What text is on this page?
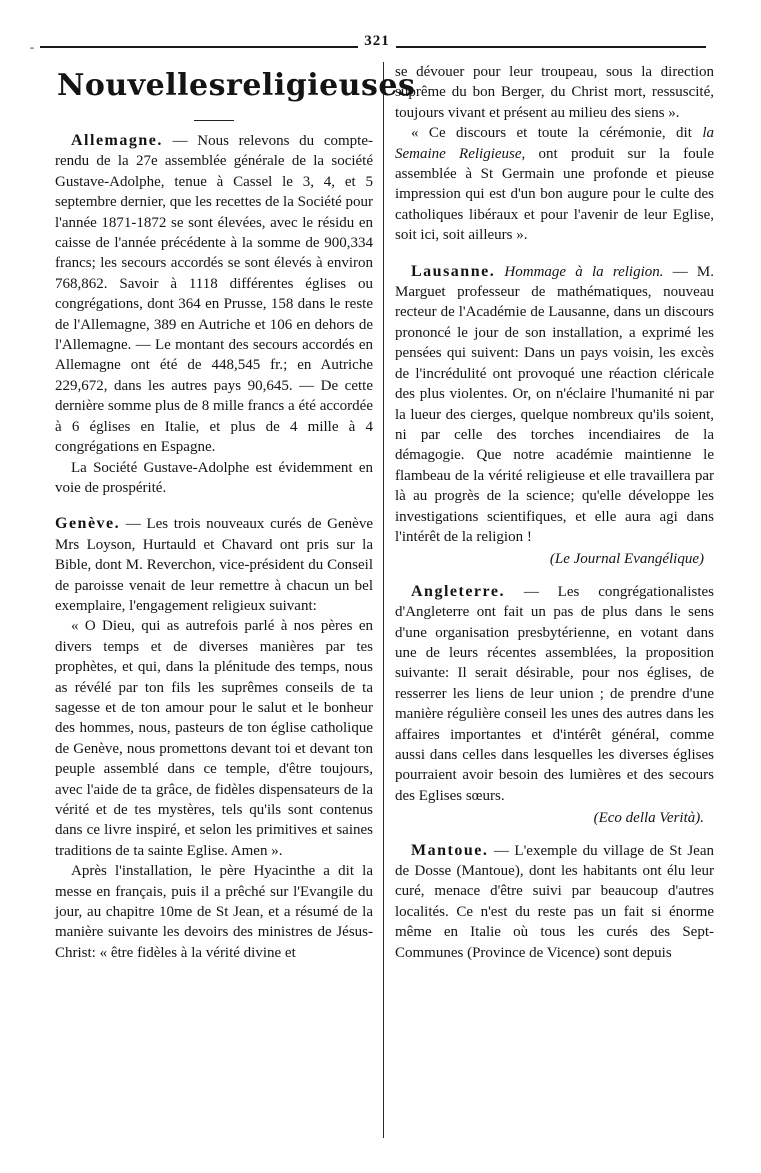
-	321
Nouvelles religieuses

Allemagne. — Nous relevons du compte-rendu de la 27e assemblée générale de la société Gustave-Adolphe, tenue à Cassel le 3, 4, et 5 septembre dernier, que les recettes de la Société pour l'année 1871-1872 se sont élevées, avec le résidu en caisse de l'année précédente à la somme de 900,334 francs; les secours accordés se sont élevés à environ 768,862. Savoir à 1118 différentes églises ou congrégations, dont 364 en Prusse, 158 dans le reste de l'Allemagne, 389 en Autriche et 106 en dehors de l'Allemagne. — Le montant des secours accordés en Allemagne ont été de 448,545 fr.; en Autriche 229,672, dans les autres pays 90,645. — De cette dernière somme plus de 8 mille francs a été accordée à 6 églises en Italie, et plus de 4 mille à 4 congrégations en Espagne.

La Société Gustave-Adolphe est évidemment en voie de prospérité.

Genève. — Les trois nouveaux curés de Genève Mrs Loyson, Hurtauld et Chavard ont pris sur la Bible, dont M. Reverchon, vice-président du Conseil de paroisse venait de leur remettre à chacun un bel exemplaire, l'engagement religieux suivant:

« O Dieu, qui as autrefois parlé à nos pères en divers temps et de diverses manières par tes prophètes, et qui, dans la plénitude des temps, nous as révélé par ton fils les suprêmes conseils de ta sagesse et de ton amour pour le salut et le bonheur des hommes, nous, pasteurs de ton église catholique de Genève, nous promettons devant toi et devant ton peuple assemblé dans ce temple, d'être toujours, avec l'aide de ta grâce, de fidèles dispensateurs de la vérité et de tes mystères, tels qu'ils sont contenus dans ce livre inspiré, et selon les primitives et saines traditions de ta sainte Eglise. Amen ».

Après l'installation, le père Hyacinthe a dit la messe en français, puis il a prêché sur l'Evangile du jour, au chapitre 10me de St Jean, et a résumé de la manière suivante les devoirs des ministres de Jésus-Christ: « être fidèles à la vérité divine et

se dévouer pour leur troupeau, sous la direction suprême du bon Berger, du Christ mort, ressuscité, toujours vivant et présent au milieu des siens ».

« Ce discours et toute la cérémonie, dit la Semaine Religieuse, ont produit sur la foule assemblée à St Germain une profonde et pieuse impression qui est d'un bon augure pour le culte des catholiques libéraux et pour l'avenir de leur Eglise, soit ici, soit ailleurs ».

Lausanne. Hommage à la religion. — M. Marguet professeur de mathématiques, nouveau recteur de l'Académie de Lausanne, dans un discours prononcé le jour de son installation, a exprimé les pensées qui suivent: Dans un pays voisin, les excès de l'incrédulité ont provoqué une réaction cléricale des plus violentes. Or, on n'éclaire l'humanité ni par la lueur des cierges, quelque nombreux qu'ils soient, ni par celle des torches incendiaires de la démagogie. Que notre académie maintienne le flambeau de la vérité religieuse et elle travaillera par là au progrès de la science; qu'elle développe les investigations scientifiques, et elle aura agi dans l'intérêt de la religion !

(Le Journal Evangélique)

Angleterre. — Les congrégationalistes d'Angleterre ont fait un pas de plus dans le sens d'une organisation presbytérienne, en votant dans une de leurs récentes assemblées, la proposition suivante: Il serait désirable, pour nos églises, de resserrer les liens de leur union ; de prendre d'une manière régulière conseil les unes des autres dans les affaires importantes et d'intérêt général, comme aussi dans celles dans lesquelles les diverses églises pourraient avoir besoin des lumières et des secours des Eglises sœurs.

(Eco della Verità).

Mantoue. — L'exemple du village de St Jean de Dosse (Mantoue), dont les habitants ont élu leur curé, menace d'être suivi par beaucoup d'autres localités. Ce n'est du reste pas un fait si énorme même en Italie où tous les curés des Sept-Communes (Province de Vicence) sont depuis
